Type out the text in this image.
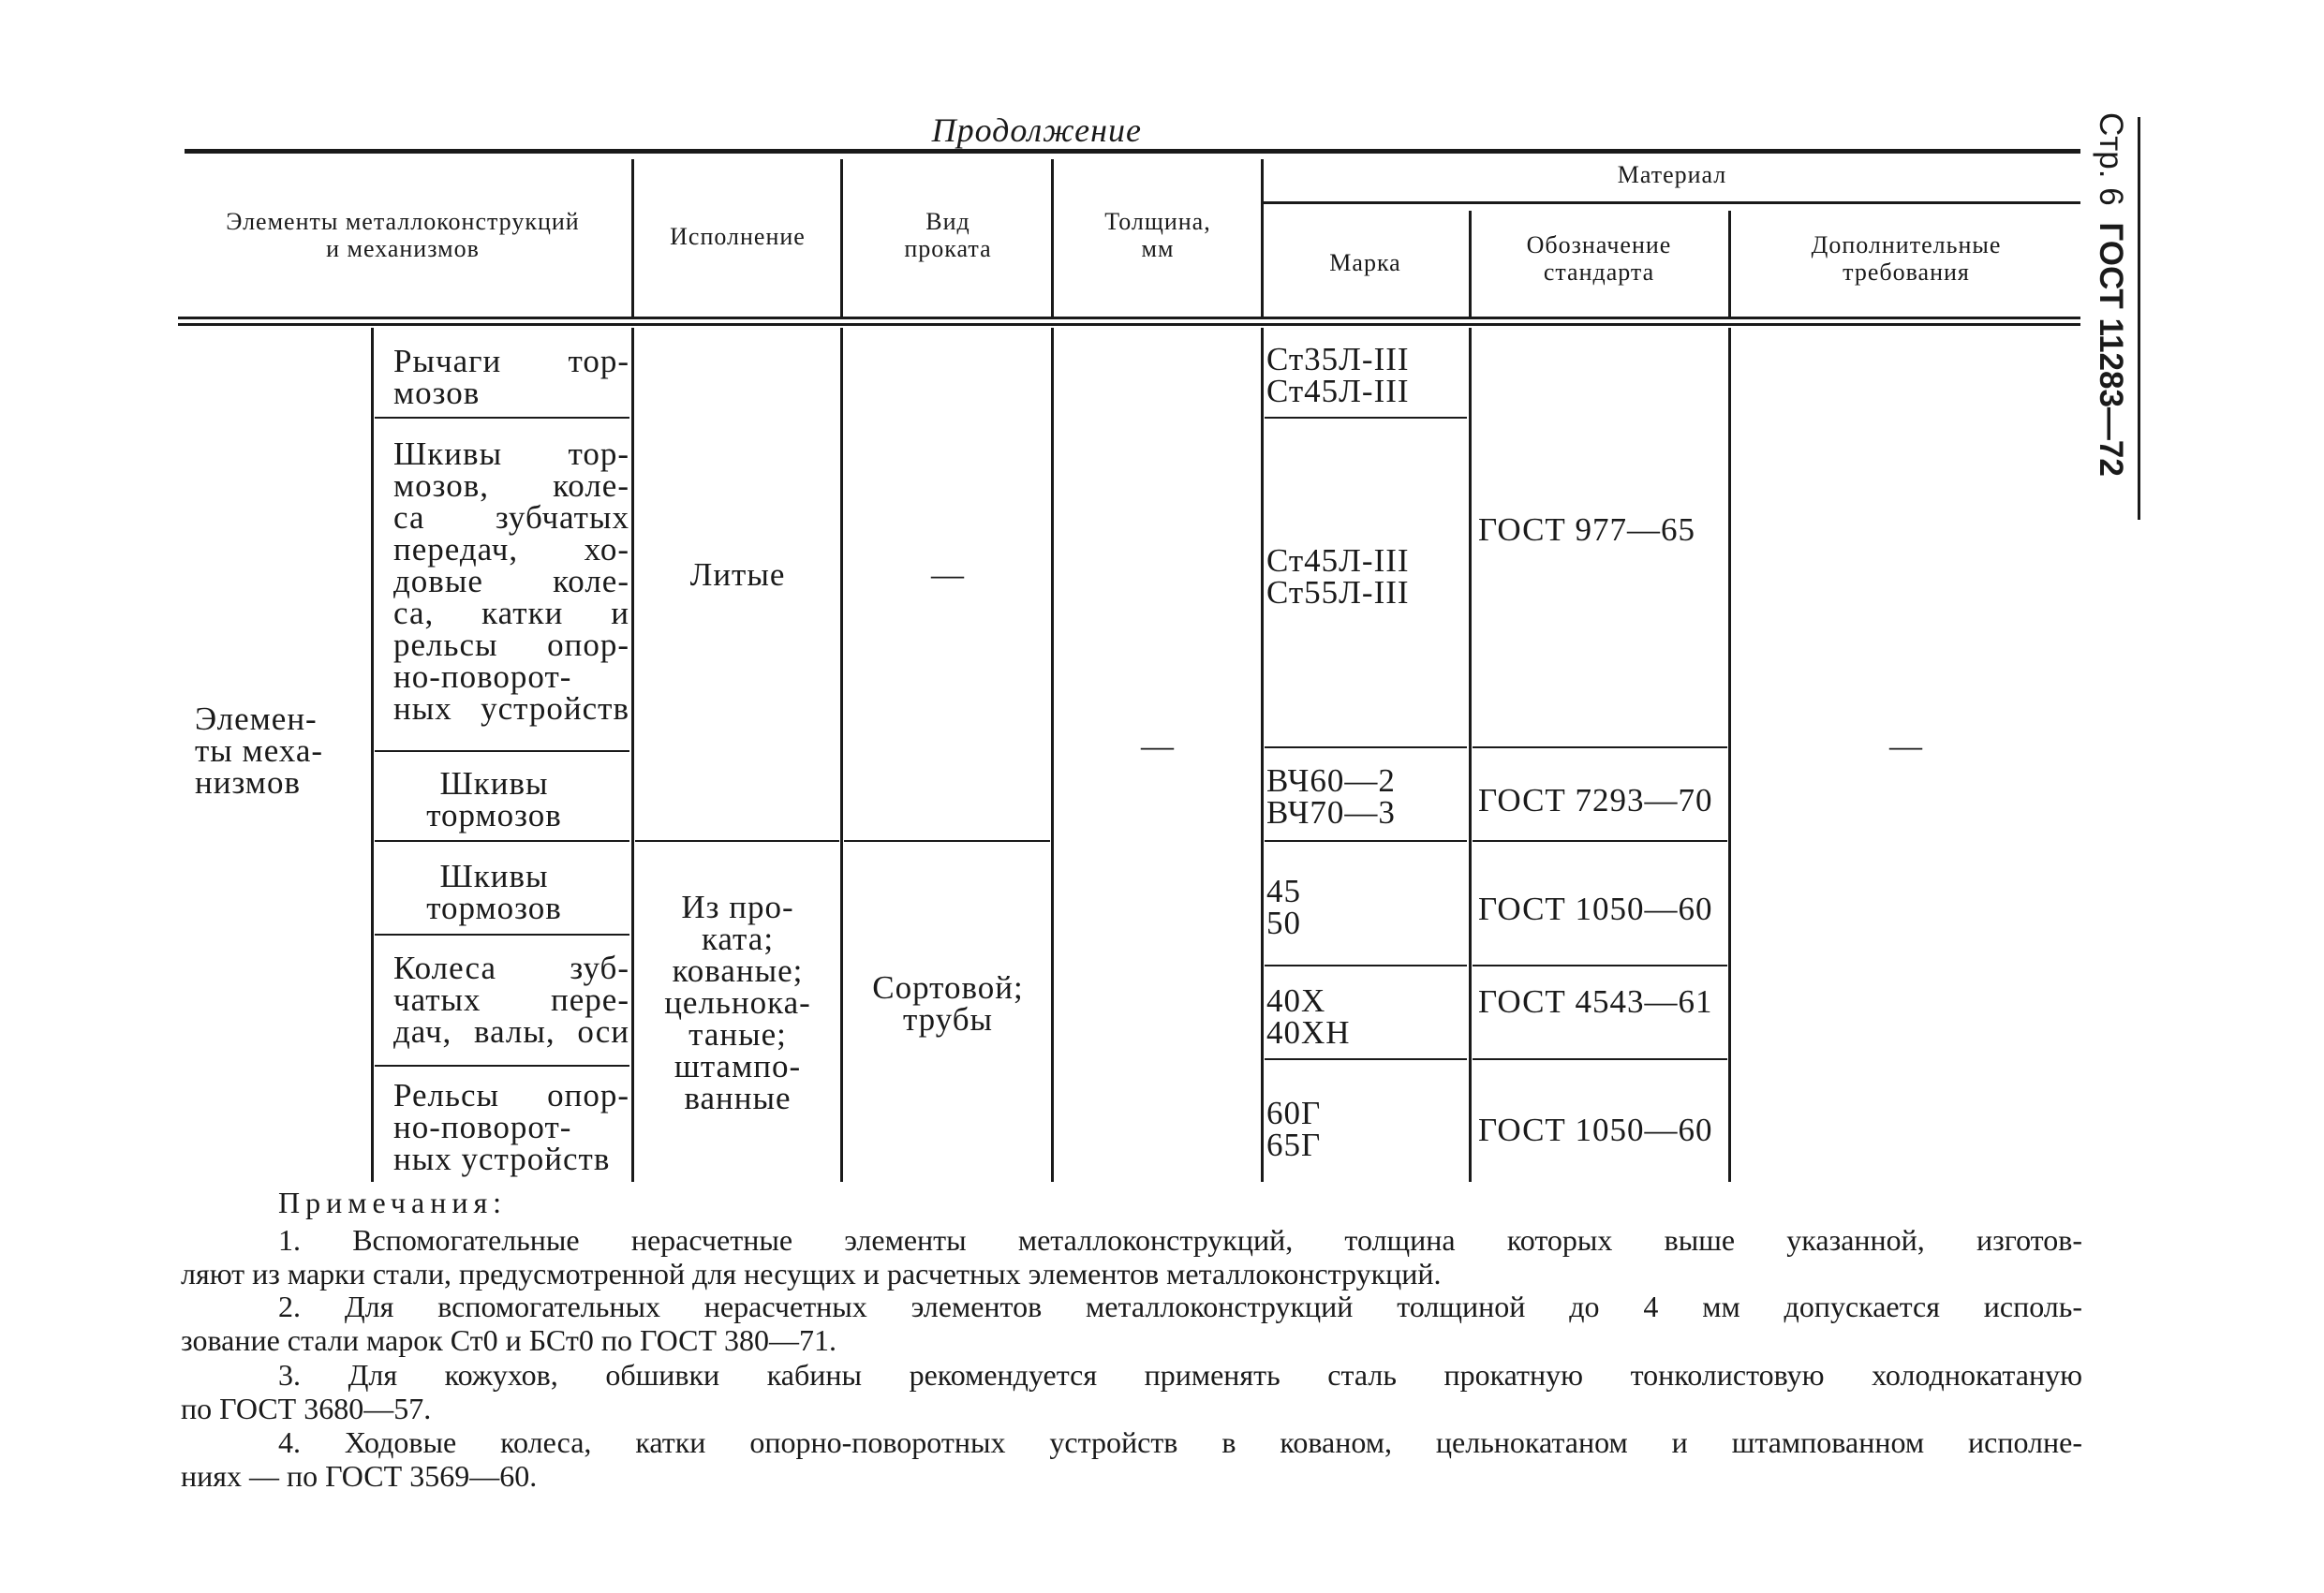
Продолжение	Стр. 6 ГОСТ 11283—72
Элементы металлоконструкций
и механизмов	Исполнение
Вид
проката
Толщина,
мм
Материал
Марка
Обозначение
стандарта
Дополнительные
требования
Элемен-
ты меха-
низмов
Рычаги тор-
мозов
Шкивы тор-
мозов, коле-
са зубчатых
передач, хо-
довые коле-
са, катки и
рельсы опор-
но-поворот-
ных устройств
Шкивы
тормозов
Шкивы
тормозов
Колеса зуб-
чатых пере-
дач, валы, оси
Рельсы опор-
но-поворот-
ных устройств
Литые
Из про-
ката;
кованые;
цельнока-
таные;
штампо-
ванные
—
Сортовой;
трубы
—
Ст35Л-III
Ст45Л-III
Ст45Л-III
Ст55Л-III
ВЧ60—2
ВЧ70—3
45
50
40Х
40ХН
60Г
65Г
ГОСТ 977—65
ГОСТ 7293—70
ГОСТ 1050—60
ГОСТ 4543—61
ГОСТ 1050—60
—
Примечания:
1. Вспомогательные нерасчетные элементы металлоконструкций, толщина которых выше указанной, изготов-
ляют из марки стали, предусмотренной для несущих и расчетных элементов металлоконструкций.
2. Для вспомогательных нерасчетных элементов металлоконструкций толщиной до 4 мм допускается исполь-
зование стали марок Ст0 и БСт0 по ГОСТ 380—71.
3. Для кожухов, обшивки кабины рекомендуется применять сталь прокатную тонколистовую холоднокатаную
по ГОСТ 3680—57.
4. Ходовые колеса, катки опорно-поворотных устройств в кованом, цельнокатаном и штампованном исполне-
ниях — по ГОСТ 3569—60.
